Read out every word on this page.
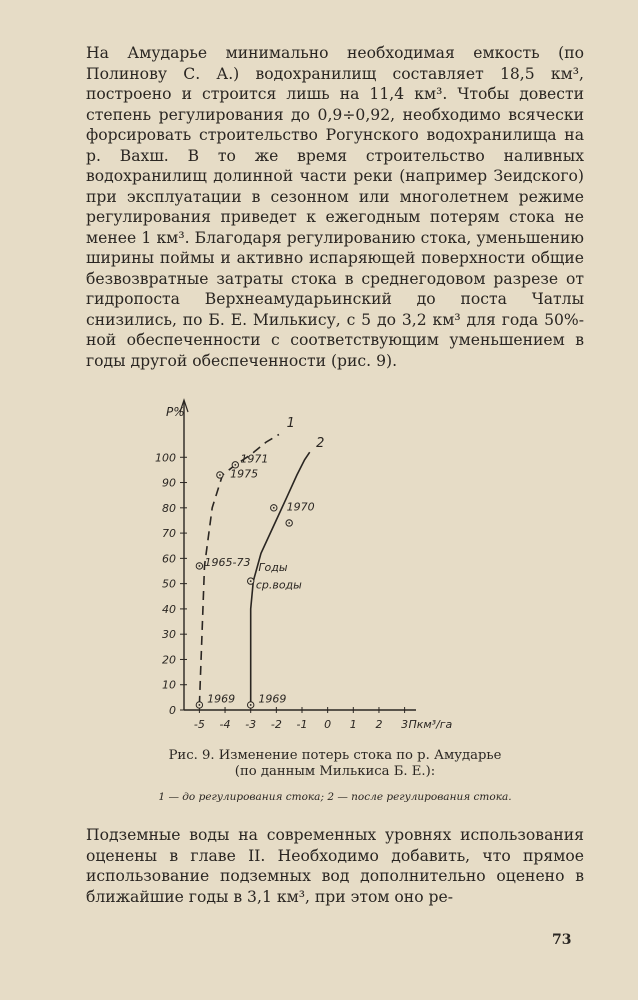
На Амударье минимально необходимая емкость (по Полинову С. А.) водохранилищ составляет 18,5 км³, построено и строится лишь на 11,4 км³. Чтобы довести степень регулирования до 0,9÷0,92, необходимо всячески форсировать строительство Рогунского водохранилища на р. Вахш. В то же время строительство наливных водохранилищ долинной части реки (например Зеидского) при эксплуатации в сезонном или многолетнем режиме регулирования приведет к ежегодным потерям стока не менее 1 км³. Благодаря регулированию стока, уменьшению ширины поймы и активно испаряющей поверхности общие безвозвратные затраты стока в среднегодовом разрезе от гидропоста Верхнеамударьинский до поста Чатлы снизились, по Б. Е. Милькису, с 5 до 3,2 км³ для года 50%-ной обеспеченности с соответствующим уменьшением в годы другой обеспеченности (рис. 9).

0
10
20
30
40
50
60
70
80
90
100
-5 -4 -3 -2 -1 0 1 2 3
P%
Пкм³/га
1969 1969
1965-73
1971
1975
1970
Годы
ср.воды
1
2
Рис. 9. Изменение потерь стока по р. Амударье
(по данным Милькиса Б. Е.):
1 — до регулирования стока; 2 — после регулирования стока.

Подземные воды на современных уровнях использования оценены в главе II. Необходимо добавить, что прямое использование подземных вод дополнительно оценено в ближайшие годы в 3,1 км³, при этом оно ре-

73
